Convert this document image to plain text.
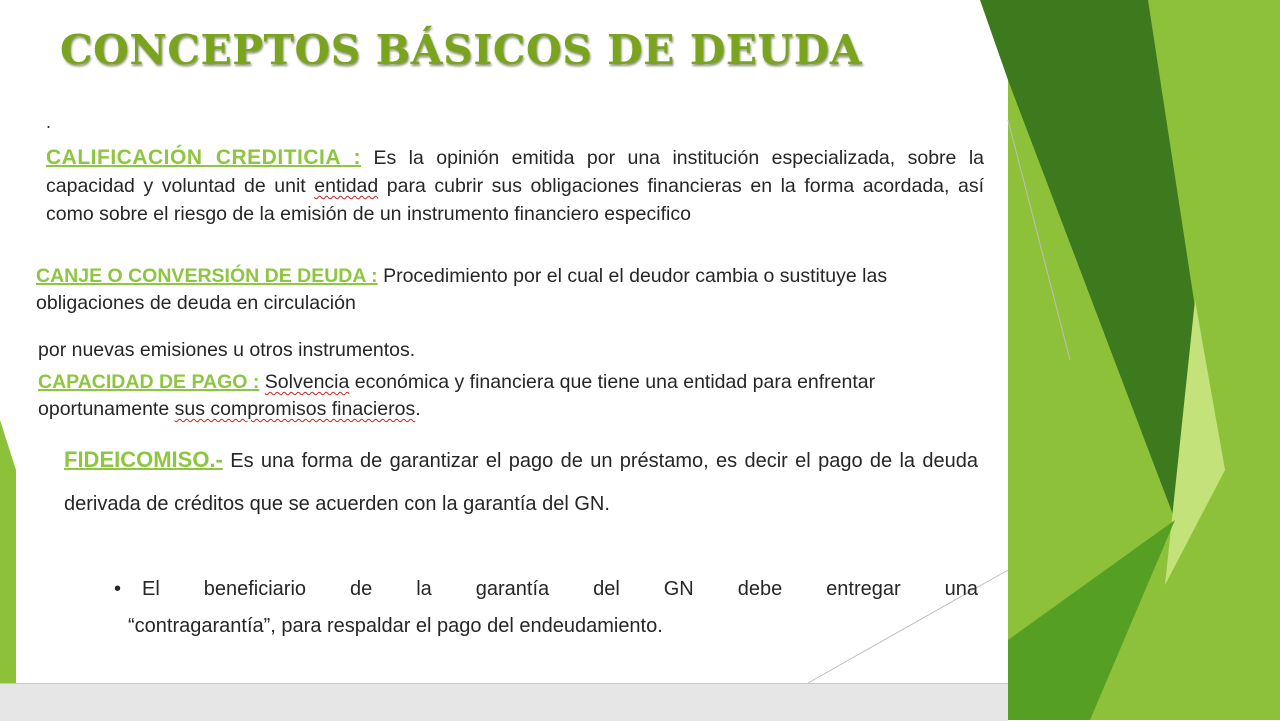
CONCEPTOS BÁSICOS DE DEUDA
.

CALIFICACIÓN CREDITICIA : Es la opinión emitida por una institución especializada, sobre la capacidad y voluntad de unit entidad para cubrir sus obligaciones financieras en la forma acordada, así como sobre el riesgo de la emisión de un instrumento financiero especifico

CANJE O CONVERSIÓN DE DEUDA : Procedimiento por el cual el deudor cambia o sustituye las obligaciones de deuda en circulación

por nuevas emisiones u otros instrumentos.

CAPACIDAD DE PAGO : Solvencia económica y financiera que tiene una entidad para enfrentar oportunamente sus compromisos finacieros.

FIDEICOMISO.- Es una forma de garantizar el pago de un préstamo, es decir el pago de la deuda derivada de créditos que se acuerden con la garantía del GN.

• El beneficiario de la garantía del GN debe entregar una

“contragarantía”, para respaldar el pago del endeudamiento.
